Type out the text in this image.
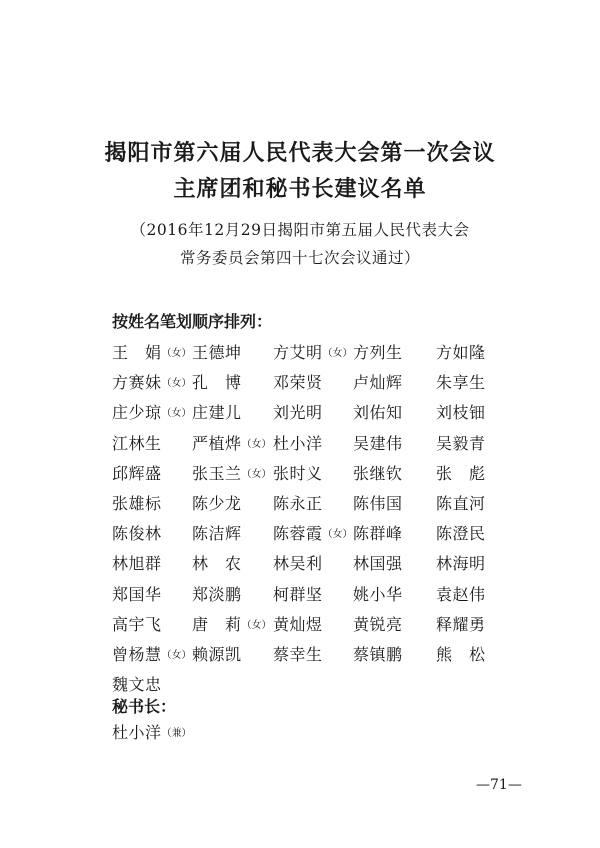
揭阳市第六届人民代表大会第一次会议
主席团和秘书长建议名单
（2016年12月29日揭阳市第五届人民代表大会
常务委员会第四十七次会议通过）
按姓名笔划顺序排列：
王　娟（女） 王德坤 方艾明（女） 方列生 方如隆
方赛妹（女） 孔　博 邓荣贤 卢灿辉 朱享生
庄少琼（女） 庄建儿 刘光明 刘佑知 刘枝钿
江林生 严植烨（女） 杜小洋 吴建伟 吴毅青
邱辉盛 张玉兰（女） 张时义 张继钦 张　彪
张雄标 陈少龙 陈永正 陈伟国 陈直河
陈俊林 陈洁辉 陈蓉霞（女） 陈群峰 陈澄民
林旭群 林　农 林吴利 林国强 林海明
郑国华 郑淡鹏 柯群坚 姚小华 袁赵伟
高宇飞 唐　莉（女） 黄灿煜 黄锐亮 释耀勇
曾杨慧（女） 赖源凯 蔡幸生 蔡镇鹏 熊　松
魏文忠
秘书长：
杜小洋（兼）
—71—
